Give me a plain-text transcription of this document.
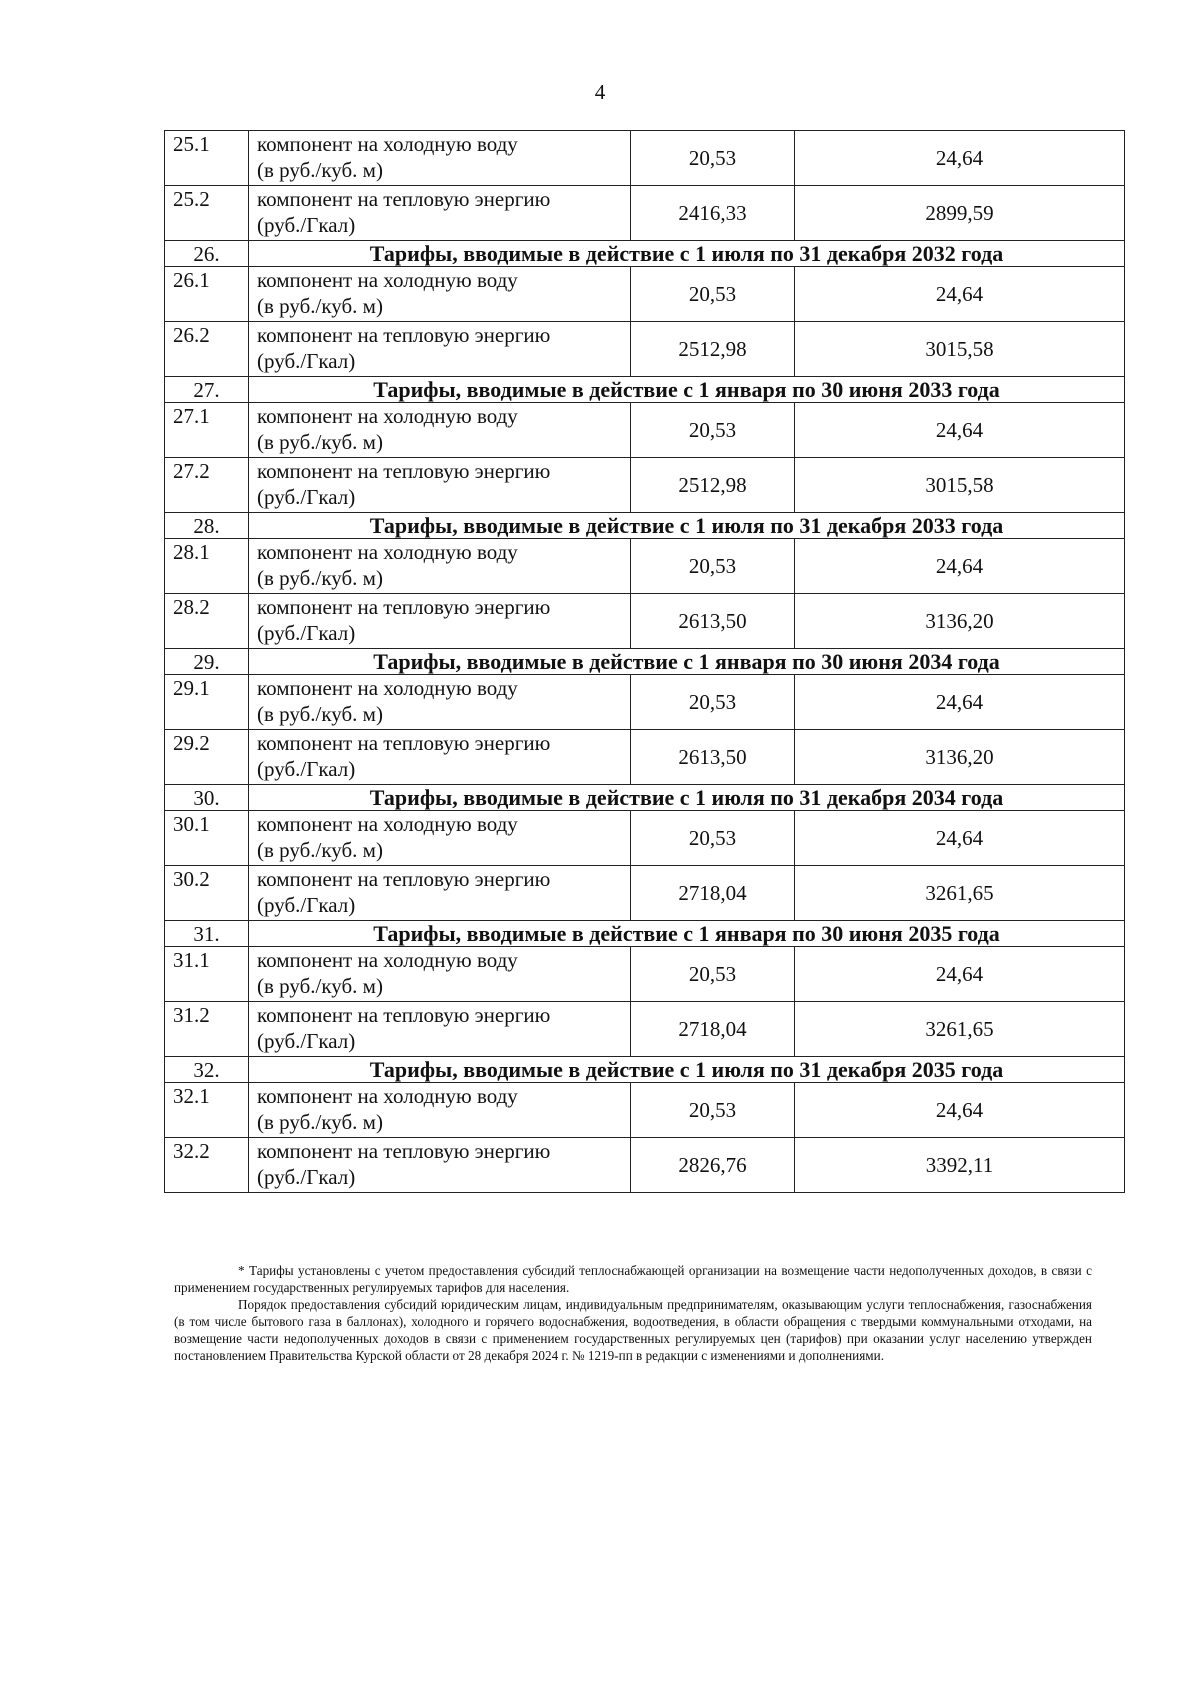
4
25.1	компонент на холодную воду
(в руб./куб. м)	20,53	24,64
25.2	компонент на тепловую энергию
(руб./Гкал)	2416,33	2899,59
26.	Тарифы, вводимые в действие с 1 июля по 31 декабря 2032 года		
26.1	компонент на холодную воду
(в руб./куб. м)	20,53	24,64
26.2	компонент на тепловую энергию
(руб./Гкал)	2512,98	3015,58
27.	Тарифы, вводимые в действие с 1 января по 30 июня 2033 года		
27.1	компонент на холодную воду
(в руб./куб. м)	20,53	24,64
27.2	компонент на тепловую энергию
(руб./Гкал)	2512,98	3015,58
28.	Тарифы, вводимые в действие с 1 июля по 31 декабря 2033 года		
28.1	компонент на холодную воду
(в руб./куб. м)	20,53	24,64
28.2	компонент на тепловую энергию
(руб./Гкал)	2613,50	3136,20
29.	Тарифы, вводимые в действие с 1 января по 30 июня 2034 года		
29.1	компонент на холодную воду
(в руб./куб. м)	20,53	24,64
29.2	компонент на тепловую энергию
(руб./Гкал)	2613,50	3136,20
30.	Тарифы, вводимые в действие с 1 июля по 31 декабря 2034 года		
30.1	компонент на холодную воду
(в руб./куб. м)	20,53	24,64
30.2	компонент на тепловую энергию
(руб./Гкал)	2718,04	3261,65
31.	Тарифы, вводимые в действие с 1 января по 30 июня 2035 года		
31.1	компонент на холодную воду
(в руб./куб. м)	20,53	24,64
31.2	компонент на тепловую энергию
(руб./Гкал)	2718,04	3261,65
32.	Тарифы, вводимые в действие с 1 июля по 31 декабря 2035 года		
32.1	компонент на холодную воду
(в руб./куб. м)	20,53	24,64
32.2	компонент на тепловую энергию
(руб./Гкал)	2826,76	3392,11

* Тарифы установлены с учетом предоставления субсидий теплоснабжающей организации на возмещение части недополученных доходов, в связи с применением государственных регулируемых тарифов для населения.

Порядок предоставления субсидий юридическим лицам, индивидуальным предпринимателям, оказывающим услуги теплоснабжения, газоснабжения (в том числе бытового газа в баллонах), холодного и горячего водоснабжения, водоотведения, в области обращения с твердыми коммунальными отходами, на возмещение части недополученных доходов в связи с применением государственных регулируемых цен (тарифов) при оказании услуг населению утвержден постановлением Правительства Курской области от 28 декабря 2024 г. № 1219-пп в редакции с изменениями и дополнениями.
